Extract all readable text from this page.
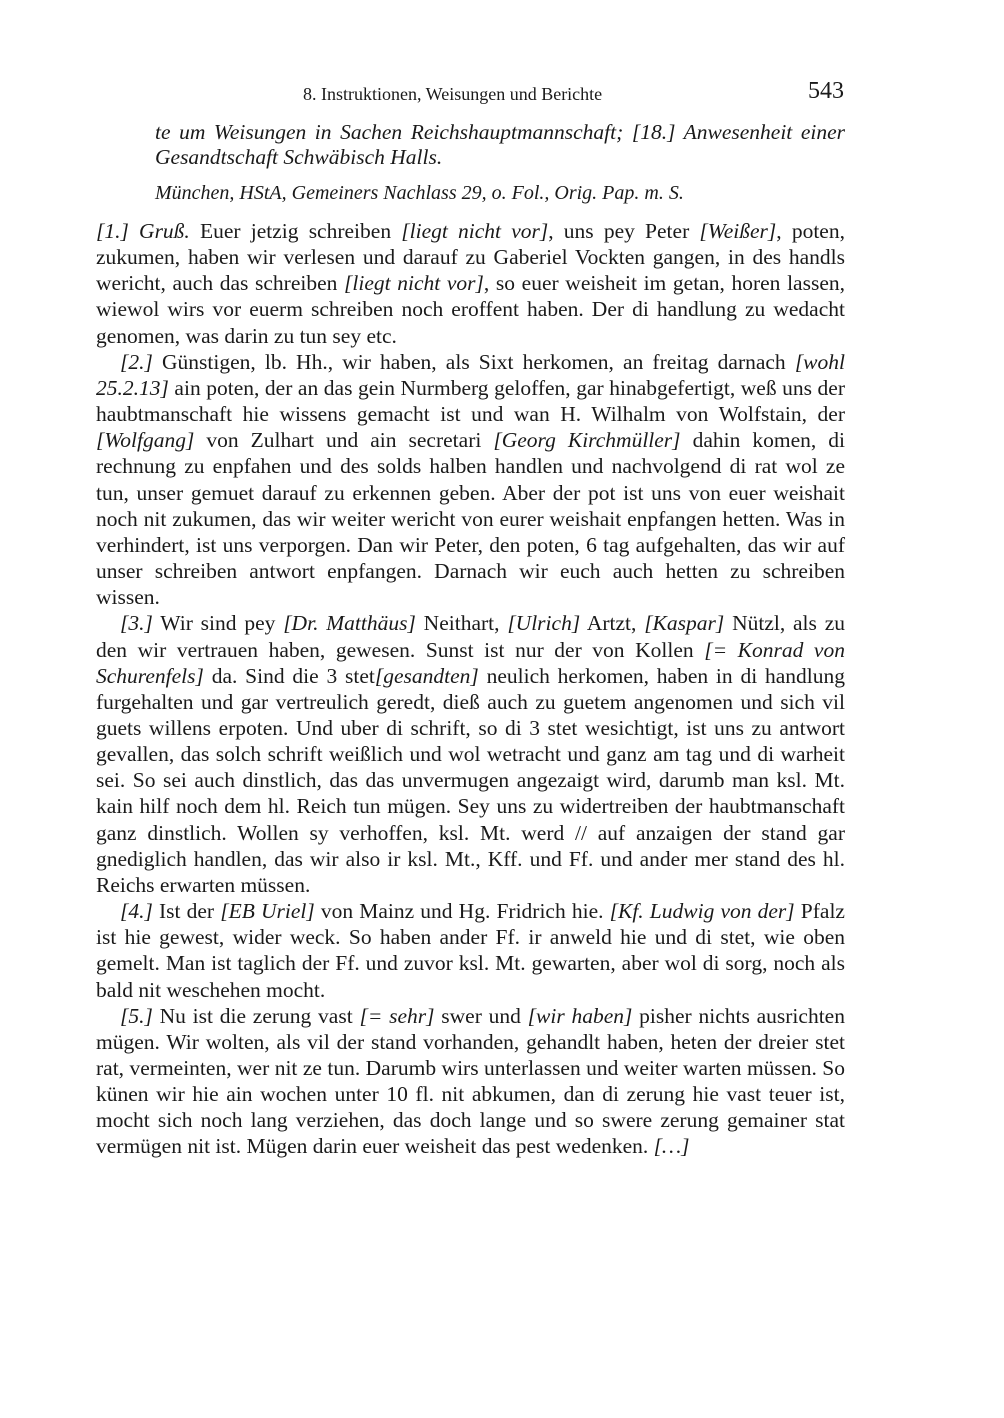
8. Instruktionen, Weisungen und Berichte	543

te um Weisungen in Sachen Reichshauptmannschaft; [18.] Anwesenheit einer Gesandtschaft Schwäbisch Halls.

München, HStA, Gemeiners Nachlass 29, o. Fol., Orig. Pap. m. S.

[1.] Gruß. Euer jetzig schreiben [liegt nicht vor], uns pey Peter [Weißer], poten, zukumen, haben wir verlesen und darauf zu Gaberiel Vockten gangen, in des handls wericht, auch das schreiben [liegt nicht vor], so euer weisheit im getan, horen lassen, wiewol wirs vor euerm schreiben noch eroffent haben. Der di handlung zu wedacht genomen, was darin zu tun sey etc.

[2.] Günstigen, lb. Hh., wir haben, als Sixt herkomen, an freitag darnach [wohl 25.2.13] ain poten, der an das gein Nurmberg geloffen, gar hinabgefertigt, weß uns der haubtmanschaft hie wissens gemacht ist und wan H. Wilhalm von Wolfstain, der [Wolfgang] von Zulhart und ain secretari [Georg Kirchmüller] dahin komen, di rechnung zu enpfahen und des solds halben handlen und nachvolgend di rat wol ze tun, unser gemuet darauf zu erkennen geben. Aber der pot ist uns von euer weishait noch nit zukumen, das wir weiter wericht von eurer weishait enpfangen hetten. Was in verhindert, ist uns verporgen. Dan wir Peter, den poten, 6 tag aufgehalten, das wir auf unser schreiben antwort enpfangen. Darnach wir euch auch hetten zu schreiben wissen.

[3.] Wir sind pey [Dr. Matthäus] Neithart, [Ulrich] Artzt, [Kaspar] Nützl, als zu den wir vertrauen haben, gewesen. Sunst ist nur der von Kollen [= Konrad von Schurenfels] da. Sind die 3 stet[gesandten] neulich herkomen, haben in di handlung furgehalten und gar vertreulich geredt, dieß auch zu guetem angenomen und sich vil guets willens erpoten. Und uber di schrift, so di 3 stet wesichtigt, ist uns zu antwort gevallen, das solch schrift weißlich und wol wetracht und ganz am tag und di warheit sei. So sei auch dinstlich, das das unvermugen angezaigt wird, darumb man ksl. Mt. kain hilf noch dem hl. Reich tun mügen. Sey uns zu widertreiben der haubtmanschaft ganz dinstlich. Wollen sy verhoffen, ksl. Mt. werd // auf anzaigen der stand gar gnediglich handlen, das wir also ir ksl. Mt., Kff. und Ff. und ander mer stand des hl. Reichs erwarten müssen.

[4.] Ist der [EB Uriel] von Mainz und Hg. Fridrich hie. [Kf. Ludwig von der] Pfalz ist hie gewest, wider weck. So haben ander Ff. ir anweld hie und di stet, wie oben gemelt. Man ist taglich der Ff. und zuvor ksl. Mt. gewarten, aber wol di sorg, noch als bald nit weschehen mocht.

[5.] Nu ist die zerung vast [= sehr] swer und [wir haben] pisher nichts ausrichten mügen. Wir wolten, als vil der stand vorhanden, gehandlt haben, heten der dreier stet rat, vermeinten, wer nit ze tun. Darumb wirs unterlassen und weiter warten müssen. So künen wir hie ain wochen unter 10 fl. nit abkumen, dan di zerung hie vast teuer ist, mocht sich noch lang verziehen, das doch lange und so swere zerung gemainer stat vermügen nit ist. Mügen darin euer weisheit das pest wedenken. […]
